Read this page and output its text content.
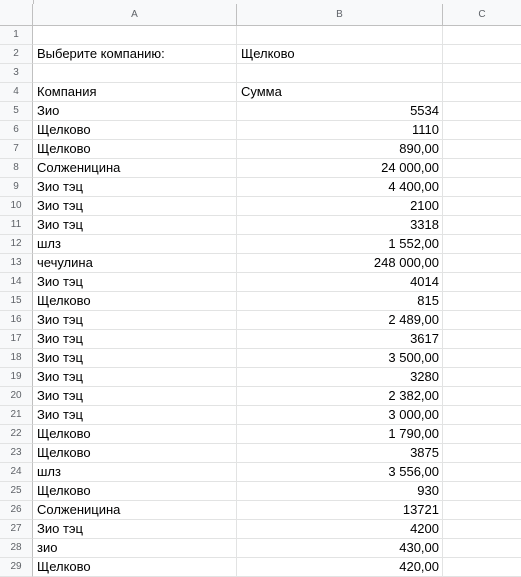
A	B	C
1
2	Выберите компанию:	Щелково
3
4	Компания	Сумма
5	Зио	5534
6	Щелково	1110
7	Щелково	890,00
8	Солженицина	24 000,00
9	Зио тэц	4 400,00
10	Зио тэц	2100
11	Зио тэц	3318
12	шлз	1 552,00
13	чечулина	248 000,00
14	Зио тэц	4014
15	Щелково	815
16	Зио тэц	2 489,00
17	Зио тэц	3617
18	Зио тэц	3 500,00
19	Зио тэц	3280
20	Зио тэц	2 382,00
21	Зио тэц	3 000,00
22	Щелково	1 790,00
23	Щелково	3875
24	шлз	3 556,00
25	Щелково	930
26	Солженицина	13721
27	Зио тэц	4200
28	зио	430,00
29	Щелково	420,00
